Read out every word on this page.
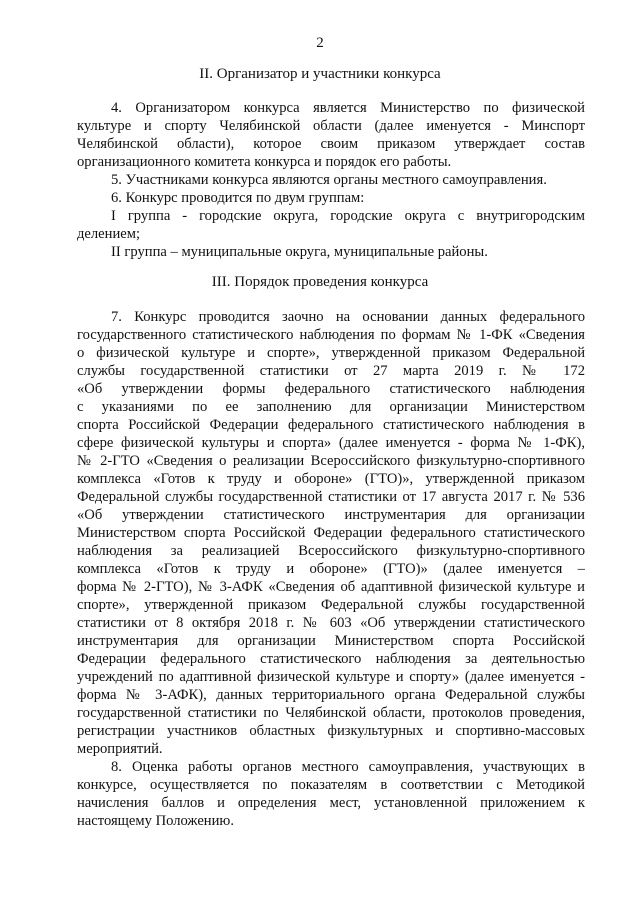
2
II. Организатор и участники конкурса
4. Организатором конкурса является Министерство по физической
культуре и спорту Челябинской области (далее именуется - Минспорт
Челябинской области), которое своим приказом утверждает состав
организационного комитета конкурса и порядок его работы.
5. Участниками конкурса являются органы местного самоуправления.
6. Конкурс проводится по двум группам:
I группа - городские округа, городские округа с внутригородским
делением;
II группа – муниципальные округа, муниципальные районы.
III. Порядок проведения конкурса
7. Конкурс проводится заочно на основании данных федерального
государственного статистического наблюдения по формам № 1-ФК «Сведения
о физической культуре и спорте», утвержденной приказом Федеральной
службы государственной статистики от 27 марта 2019 г. № 172
«Об утверждении формы федерального статистического наблюдения
с указаниями по ее заполнению для организации Министерством
спорта Российской Федерации федерального статистического наблюдения в
сфере физической культуры и спорта» (далее именуется - форма № 1-ФК),
№ 2-ГТО «Сведения о реализации Всероссийского физкультурно-спортивного
комплекса «Готов к труду и обороне» (ГТО)», утвержденной приказом
Федеральной службы государственной статистики от 17 августа 2017 г. № 536
«Об утверждении статистического инструментария для организации
Министерством спорта Российской Федерации федерального статистического
наблюдения за реализацией Всероссийского физкультурно-спортивного
комплекса «Готов к труду и обороне» (ГТО)» (далее именуется –
форма № 2-ГТО), № 3-АФК «Сведения об адаптивной физической культуре и
спорте», утвержденной приказом Федеральной службы государственной
статистики от 8 октября 2018 г. № 603 «Об утверждении статистического
инструментария для организации Министерством спорта Российской
Федерации федерального статистического наблюдения за деятельностью
учреждений по адаптивной физической культуре и спорту» (далее именуется -
форма № 3-АФК), данных территориального органа Федеральной службы
государственной статистики по Челябинской области, протоколов проведения,
регистрации участников областных физкультурных и спортивно-массовых
мероприятий.
8. Оценка работы органов местного самоуправления, участвующих в
конкурсе, осуществляется по показателям в соответствии с Методикой
начисления баллов и определения мест, установленной приложением к
настоящему Положению.
